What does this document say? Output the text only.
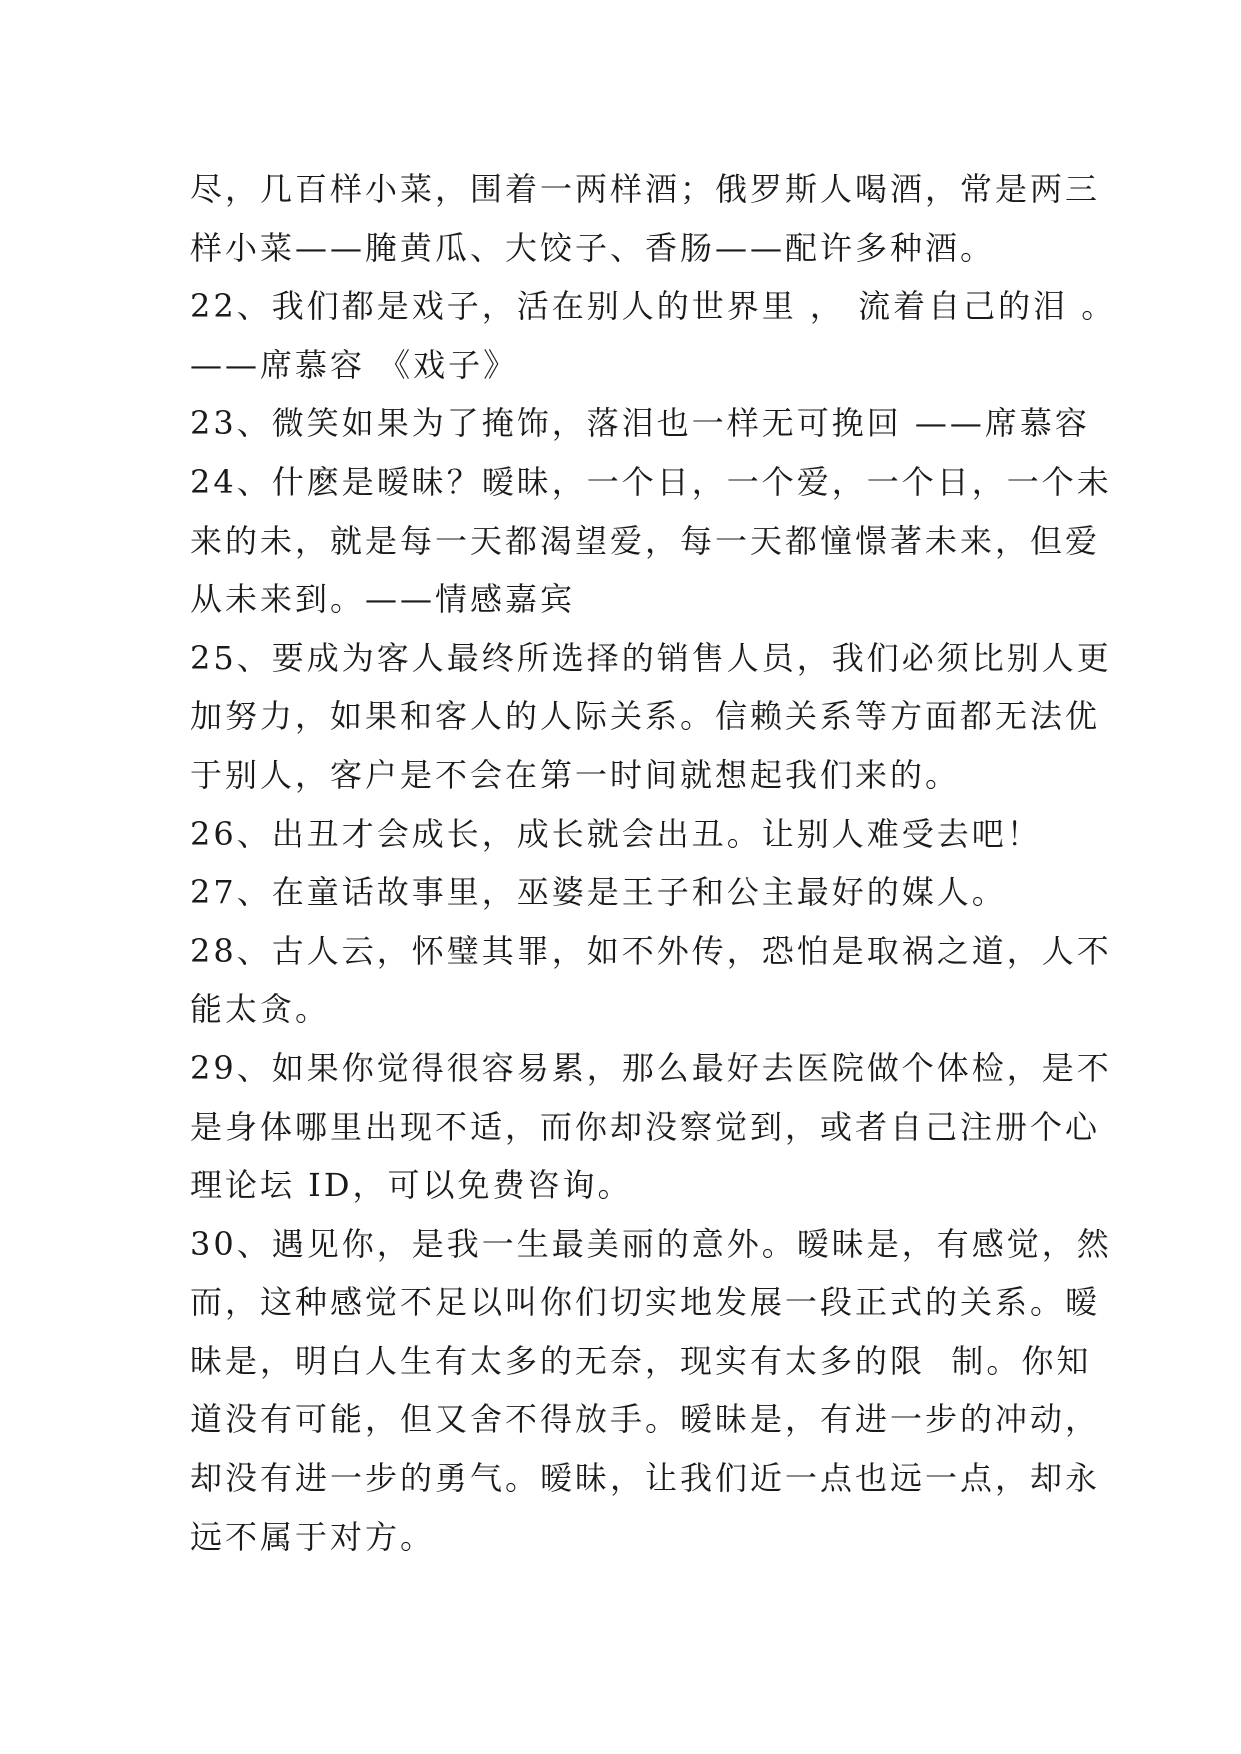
尽，几百样小菜，围着一两样酒；俄罗斯人喝酒，常是两三
样小菜——腌黄瓜、大饺子、香肠——配许多种酒。
22、我们都是戏子，活在别人的世界里 ， 流着自己的泪 。
——席慕容 《戏子》
23、微笑如果为了掩饰，落泪也一样无可挽回 ——席慕容
24、什麽是暧昧？暧昧，一个日，一个爱，一个日，一个未
来的未，就是每一天都渴望爱，每一天都憧憬著未来，但爱
从未来到。——情感嘉宾
25、要成为客人最终所选择的销售人员，我们必须比别人更
加努力，如果和客人的人际关系。信赖关系等方面都无法优
于别人，客户是不会在第一时间就想起我们来的。
26、出丑才会成长，成长就会出丑。让别人难受去吧！
27、在童话故事里，巫婆是王子和公主最好的媒人。
28、古人云，怀璧其罪，如不外传，恐怕是取祸之道，人不
能太贪。
29、如果你觉得很容易累，那么最好去医院做个体检，是不
是身体哪里出现不适，而你却没察觉到，或者自己注册个心
理论坛 ID，可以免费咨询。
30、遇见你，是我一生最美丽的意外。暧昧是，有感觉，然
而，这种感觉不足以叫你们切实地发展一段正式的关系。暧
昧是，明白人生有太多的无奈，现实有太多的限  制。你知
道没有可能，但又舍不得放手。暧昧是，有进一步的冲动，
却没有进一步的勇气。暧昧，让我们近一点也远一点，却永
远不属于对方。
